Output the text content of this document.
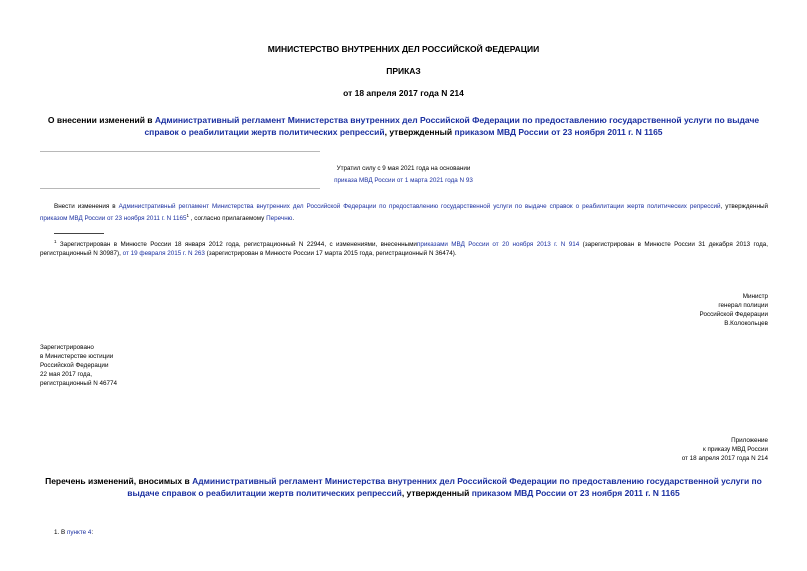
МИНИСТЕРСТВО ВНУТРЕННИХ ДЕЛ РОССИЙСКОЙ ФЕДЕРАЦИИ
ПРИКАЗ
от 18 апреля 2017 года N 214
О внесении изменений в Административный регламент Министерства внутренних дел Российской Федерации по предоставлению государственной услуги по выдаче справок о реабилитации жертв политических репрессий, утвержденный приказом МВД России от 23 ноября 2011 г. N 1165
Утратил силу с 9 мая 2021 года на основании
приказа МВД России от 1 марта 2021 года N 93
Внести изменения в Административный регламент Министерства внутренних дел Российской Федерации по предоставлению государственной услуги по выдаче справок о реабилитации жертв политических репрессий, утвержденный приказом МВД России от 23 ноября 2011 г. N 1165$^1$ , согласно прилагаемому Перечню.
$^1$ Зарегистрирован в Минюсте России 18 января 2012 года, регистрационный N 22944, с изменениями, внесеннымиприказами МВД России от 20 ноября 2013 г. N 914 (зарегистрирован в Минюсте России 31 декабря 2013 года, регистрационный N 30987), от 19 февраля 2015 г. N 263 (зарегистрирован в Минюсте России 17 марта 2015 года, регистрационный N 36474).
Министр
генерал полиции
Российской Федерации
В.Колокольцев
Зарегистрировано
в Министерстве юстиции
Российской Федерации
22 мая 2017 года,
регистрационный N 46774
Приложение
к приказу МВД России
от 18 апреля 2017 года N 214
Перечень изменений, вносимых в Административный регламент Министерства внутренних дел Российской Федерации по предоставлению государственной услуги по выдаче справок о реабилитации жертв политических репрессий, утвержденный приказом МВД России от 23 ноября 2011 г. N 1165
1. В пункте 4:
